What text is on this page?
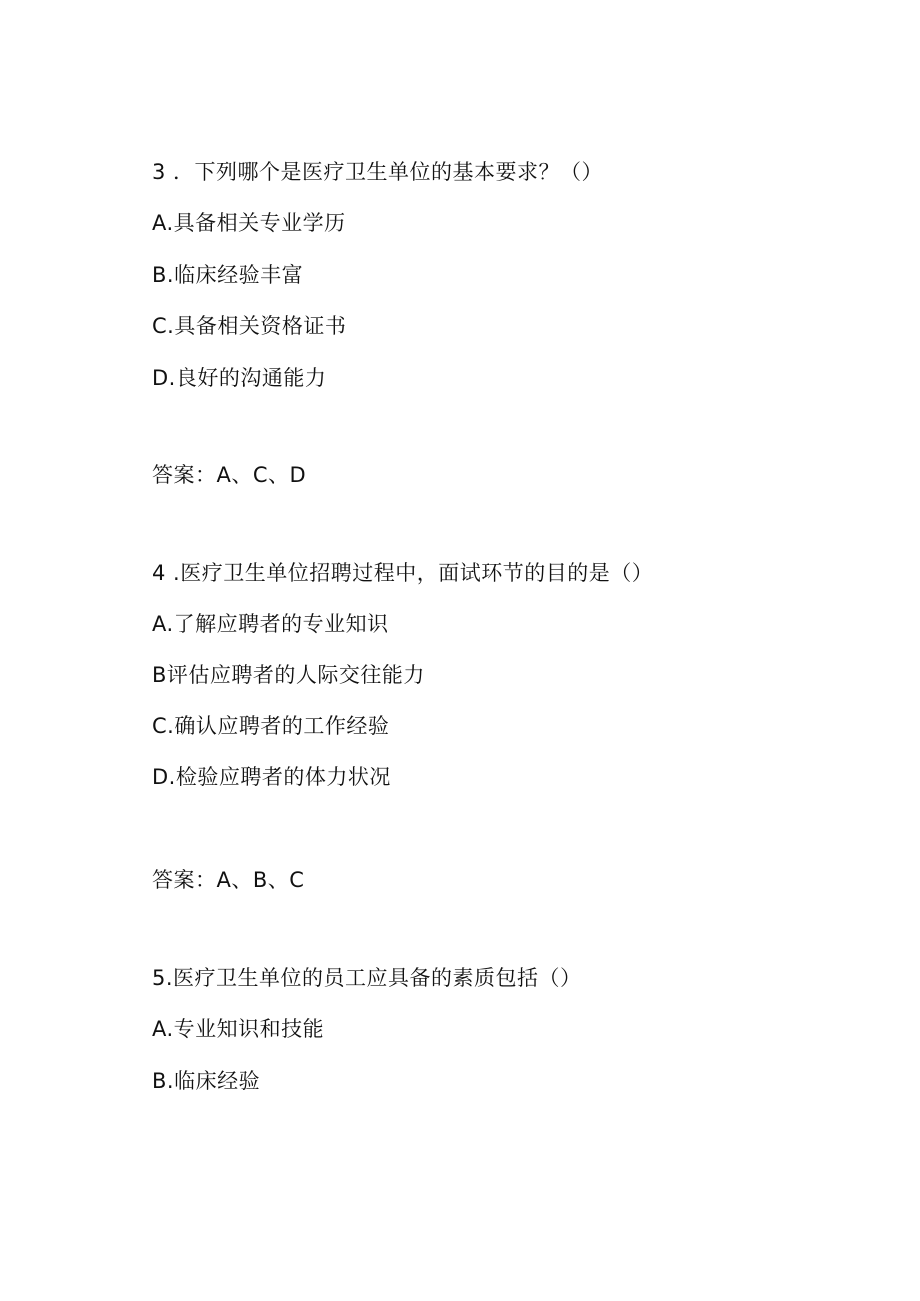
3 ．下列哪个是医疗卫生单位的基本要求？（）
A.具备相关专业学历
B.临床经验丰富
C.具备相关资格证书
D.良好的沟通能力
答案：A、C、D
4 .医疗卫生单位招聘过程中，面试环节的目的是（）
A.了解应聘者的专业知识
B评估应聘者的人际交往能力
C.确认应聘者的工作经验
D.检验应聘者的体力状况
答案：A、B、C
5.医疗卫生单位的员工应具备的素质包括（）
A.专业知识和技能
B.临床经验
